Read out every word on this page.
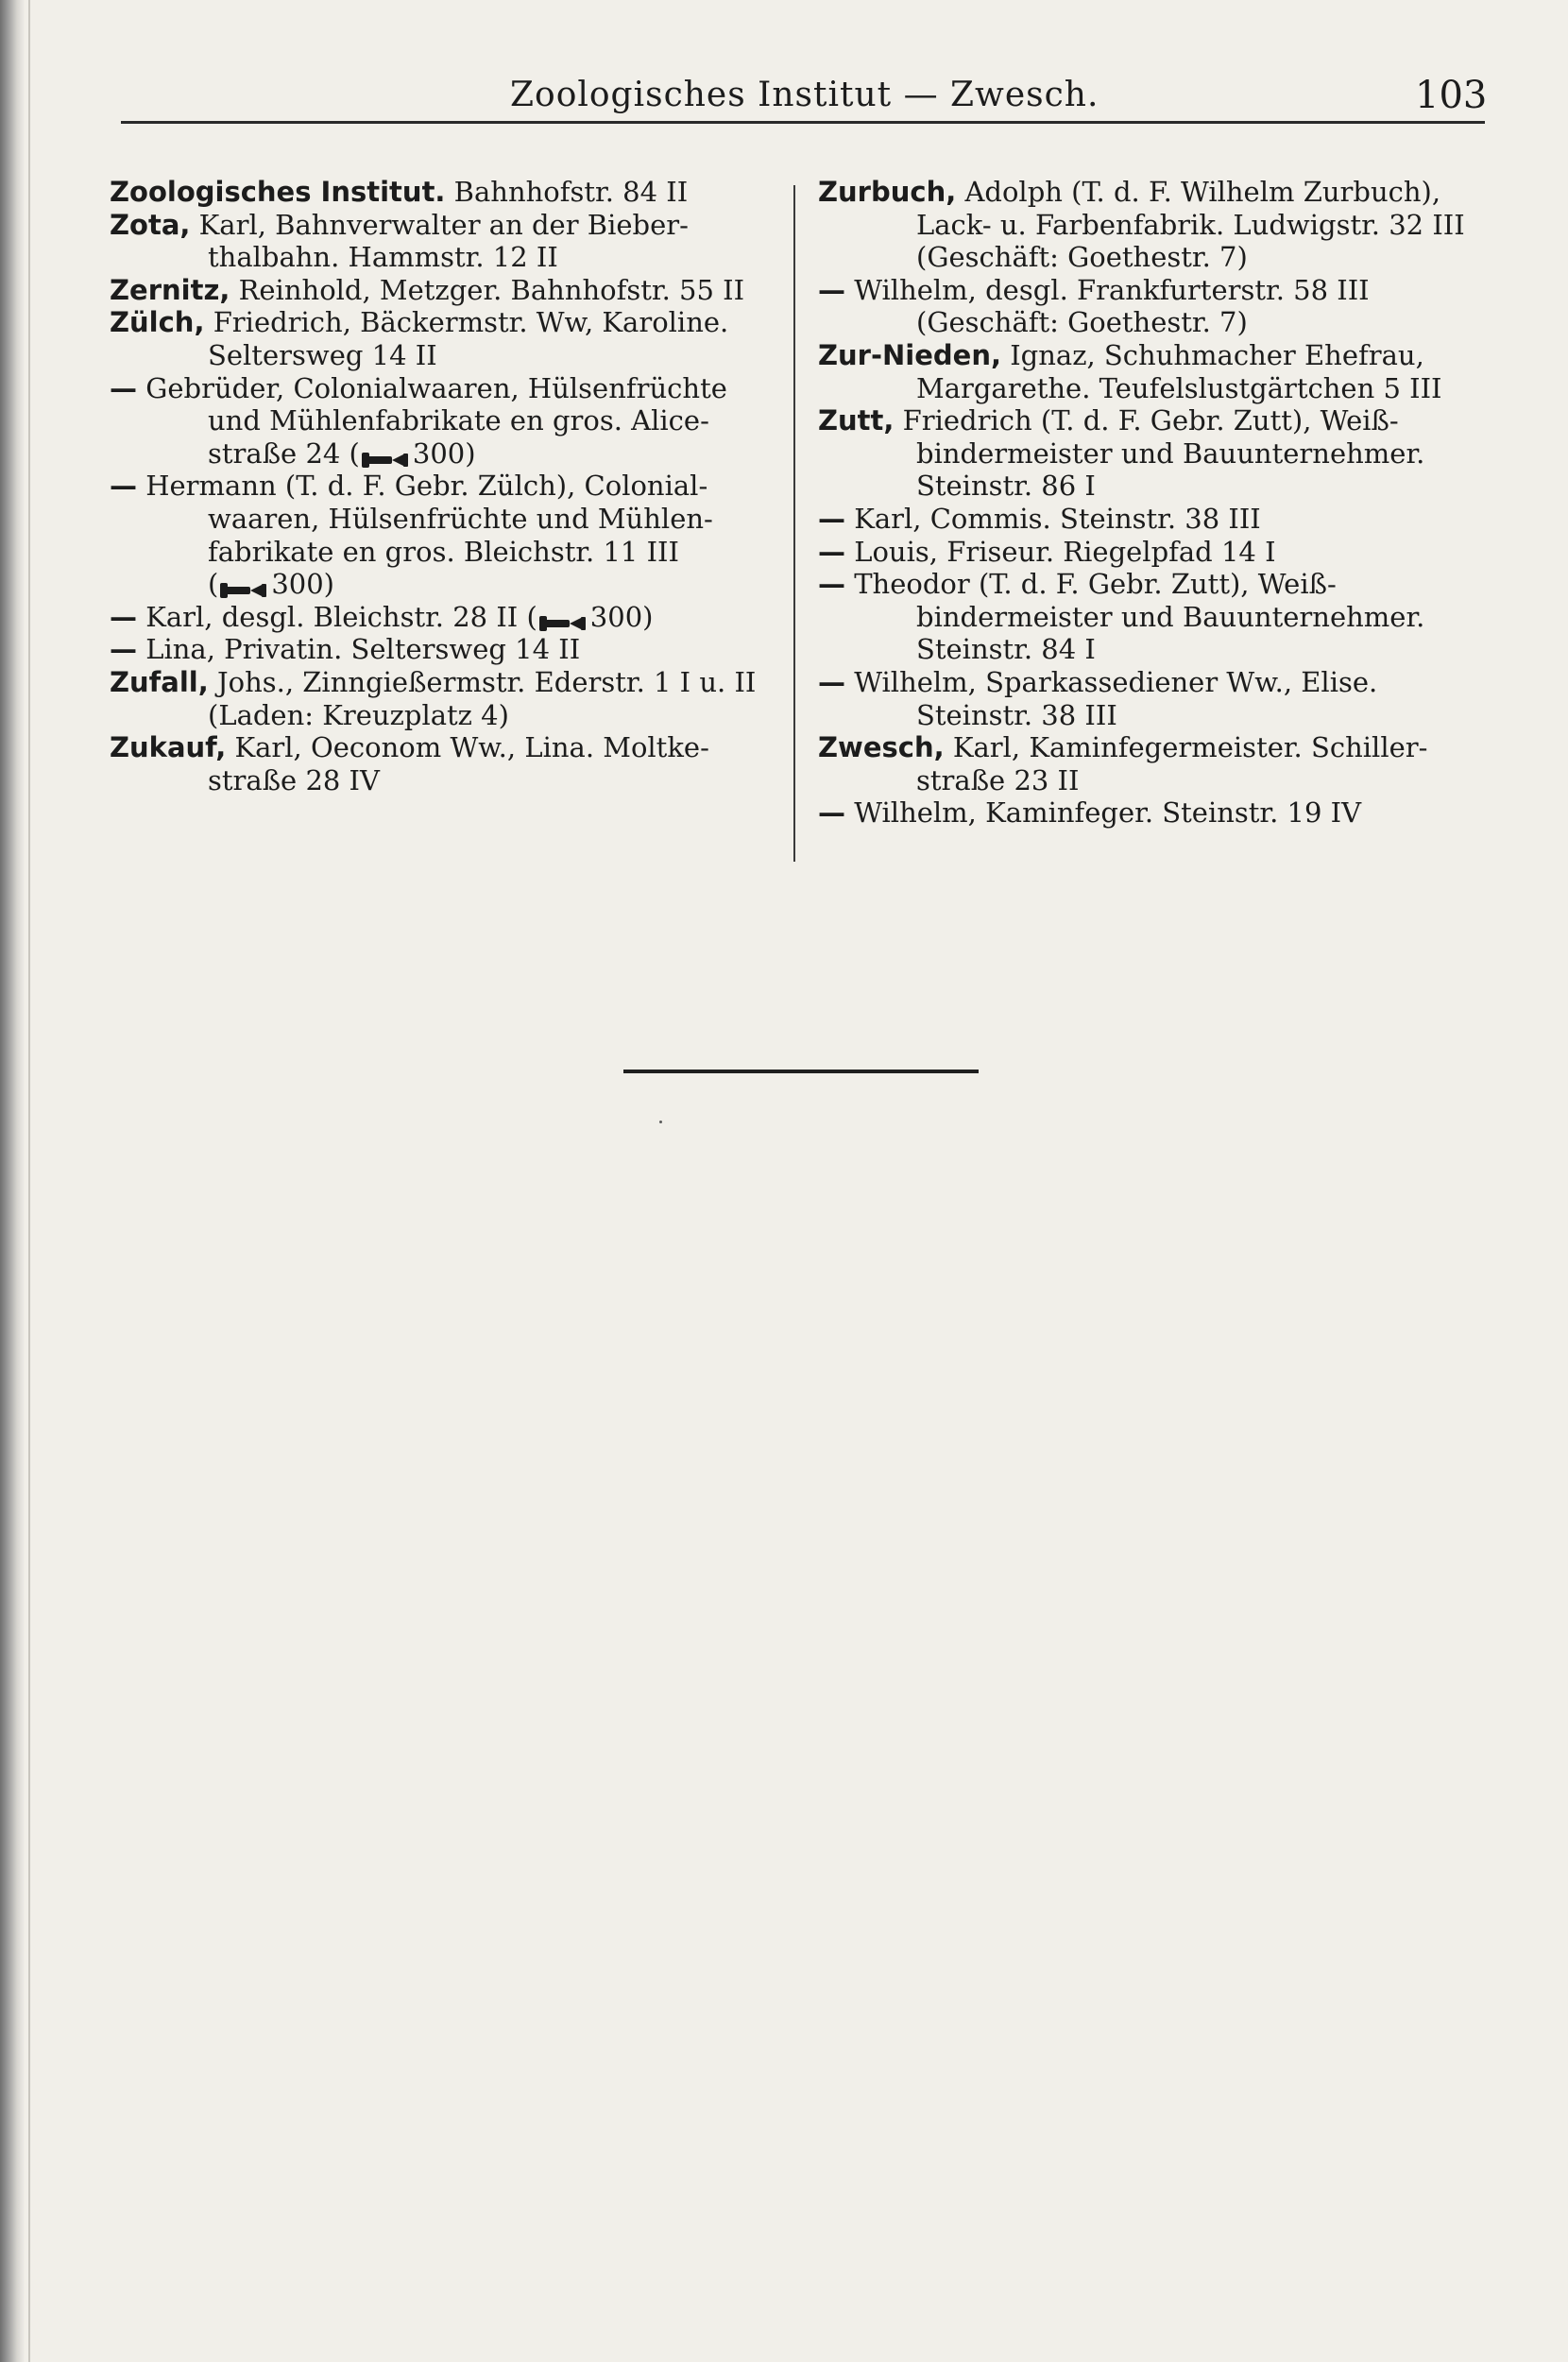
Zoologisches Institut — Zwesch.	103
Zoologisches Institut. Bahnhofstr. 84 II
Zota, Karl, Bahnverwalter an der Bieber-
thalbahn. Hammstr. 12 II
Zernitz, Reinhold, Metzger. Bahnhofstr. 55 II
Zülch, Friedrich, Bäckermstr. Ww, Karoline.
Seltersweg 14 II
— Gebrüder, Colonialwaaren, Hülsenfrüchte
und Mühlenfabrikate en gros. Alice-
straße 24 ( 300)
— Hermann (T. d. F. Gebr. Zülch), Colonial-
waaren, Hülsenfrüchte und Mühlen-
fabrikate en gros. Bleichstr. 11 III
( 300)
— Karl, desgl. Bleichstr. 28 II ( 300)
— Lina, Privatin. Seltersweg 14 II
Zufall, Johs., Zinngießermstr. Ederstr. 1 I u. II
(Laden: Kreuzplatz 4)
Zukauf, Karl, Oeconom Ww., Lina. Moltke-
straße 28 IV
Zurbuch, Adolph (T. d. F. Wilhelm Zurbuch),
Lack- u. Farbenfabrik. Ludwigstr. 32 III
(Geschäft: Goethestr. 7)
— Wilhelm, desgl. Frankfurterstr. 58 III
(Geschäft: Goethestr. 7)
Zur-Nieden, Ignaz, Schuhmacher Ehefrau,
Margarethe. Teufelslustgärtchen 5 III
Zutt, Friedrich (T. d. F. Gebr. Zutt), Weiß-
bindermeister und Bauunternehmer.
Steinstr. 86 I
— Karl, Commis. Steinstr. 38 III
— Louis, Friseur. Riegelpfad 14 I
— Theodor (T. d. F. Gebr. Zutt), Weiß-
bindermeister und Bauunternehmer.
Steinstr. 84 I
— Wilhelm, Sparkassediener Ww., Elise.
Steinstr. 38 III
Zwesch, Karl, Kaminfegermeister. Schiller-
straße 23 II
— Wilhelm, Kaminfeger. Steinstr. 19 IV
